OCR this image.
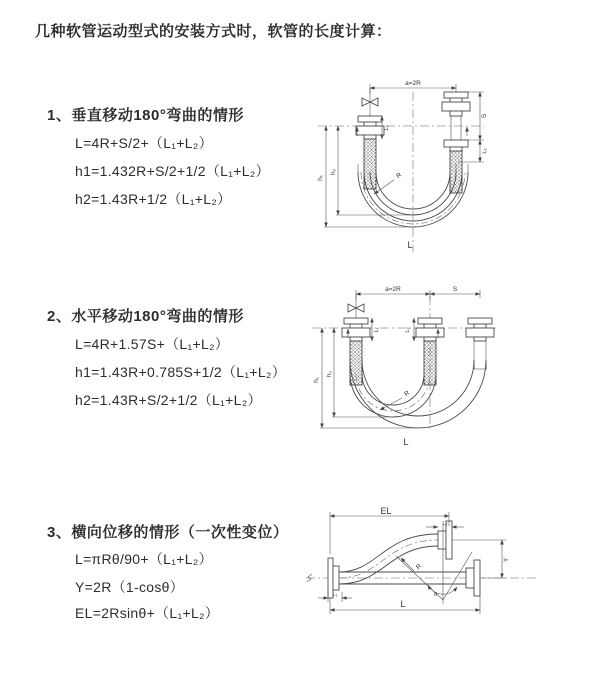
几种软管运动型式的安装方式时，软管的长度计算：
1、垂直移动180°弯曲的情形
L=4R+S/2+（L₁+L₂）
h1=1.432R+S/2+1/2（L₁+L₂）
h2=1.43R+1/2（L₁+L₂）
2、水平移动180°弯曲的情形
L=4R+1.57S+（L₁+L₂）
h1=1.43R+0.785S+1/2（L₁+L₂）
h2=1.43R+S/2+1/2（L₁+L₂）
3、横向位移的情形（一次性变位）
L=πRθ/90+（L₁+L₂）
Y=2R（1-cosθ）
EL=2Rsinθ+（L₁+L₂）
a=2R
h₁
h₂
L₁
S
L₂
R
L
a=2R	S
h₁
h₂
L₁	L₂
R
L
θ
R
EL
L₂
Y
L₁
L
